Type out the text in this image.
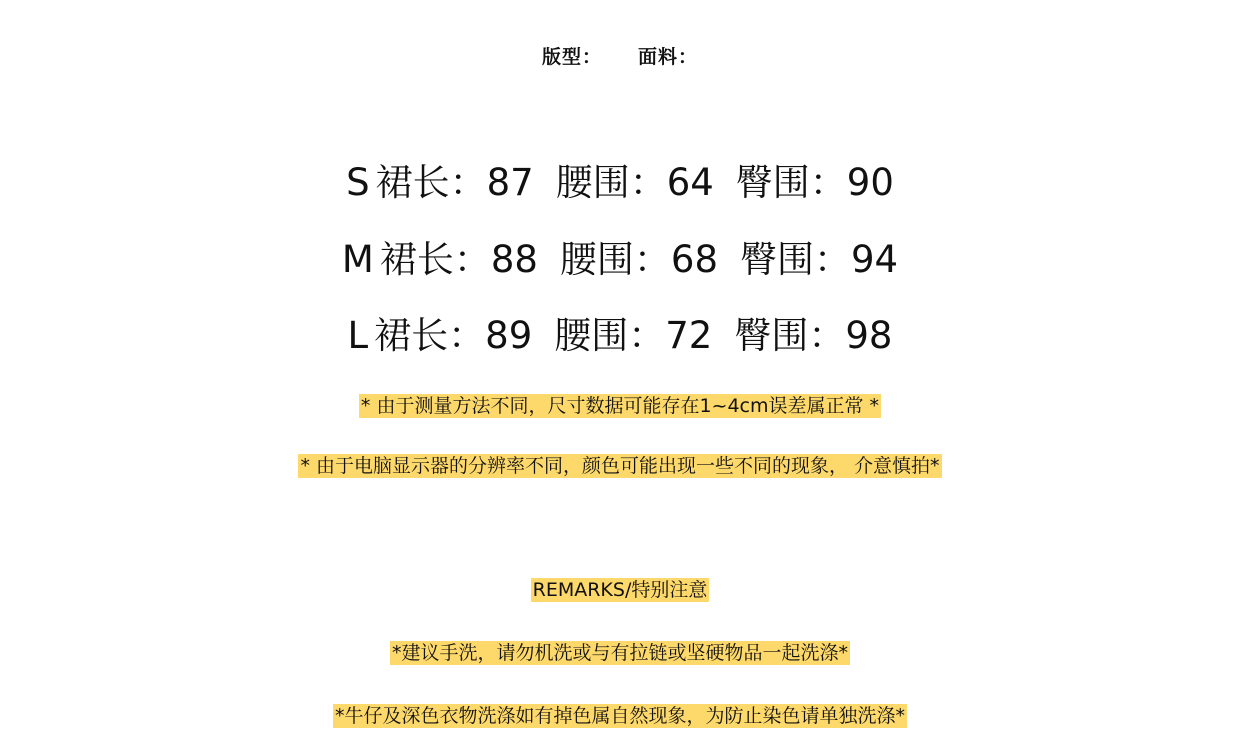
版型： 面料：
S 裙长：87 腰围：64 臀围：90
M 裙长：88 腰围：68 臀围：94
L 裙长：89 腰围：72 臀围：98
* 由于测量方法不同，尺寸数据可能存在1~4cm误差属正常 *
* 由于电脑显示器的分辨率不同，颜色可能出现一些不同的现象， 介意慎拍*
REMARKS/特别注意
*建议手洗，请勿机洗或与有拉链或坚硬物品一起洗涤*
*牛仔及深色衣物洗涤如有掉色属自然现象，为防止染色请单独洗涤*
